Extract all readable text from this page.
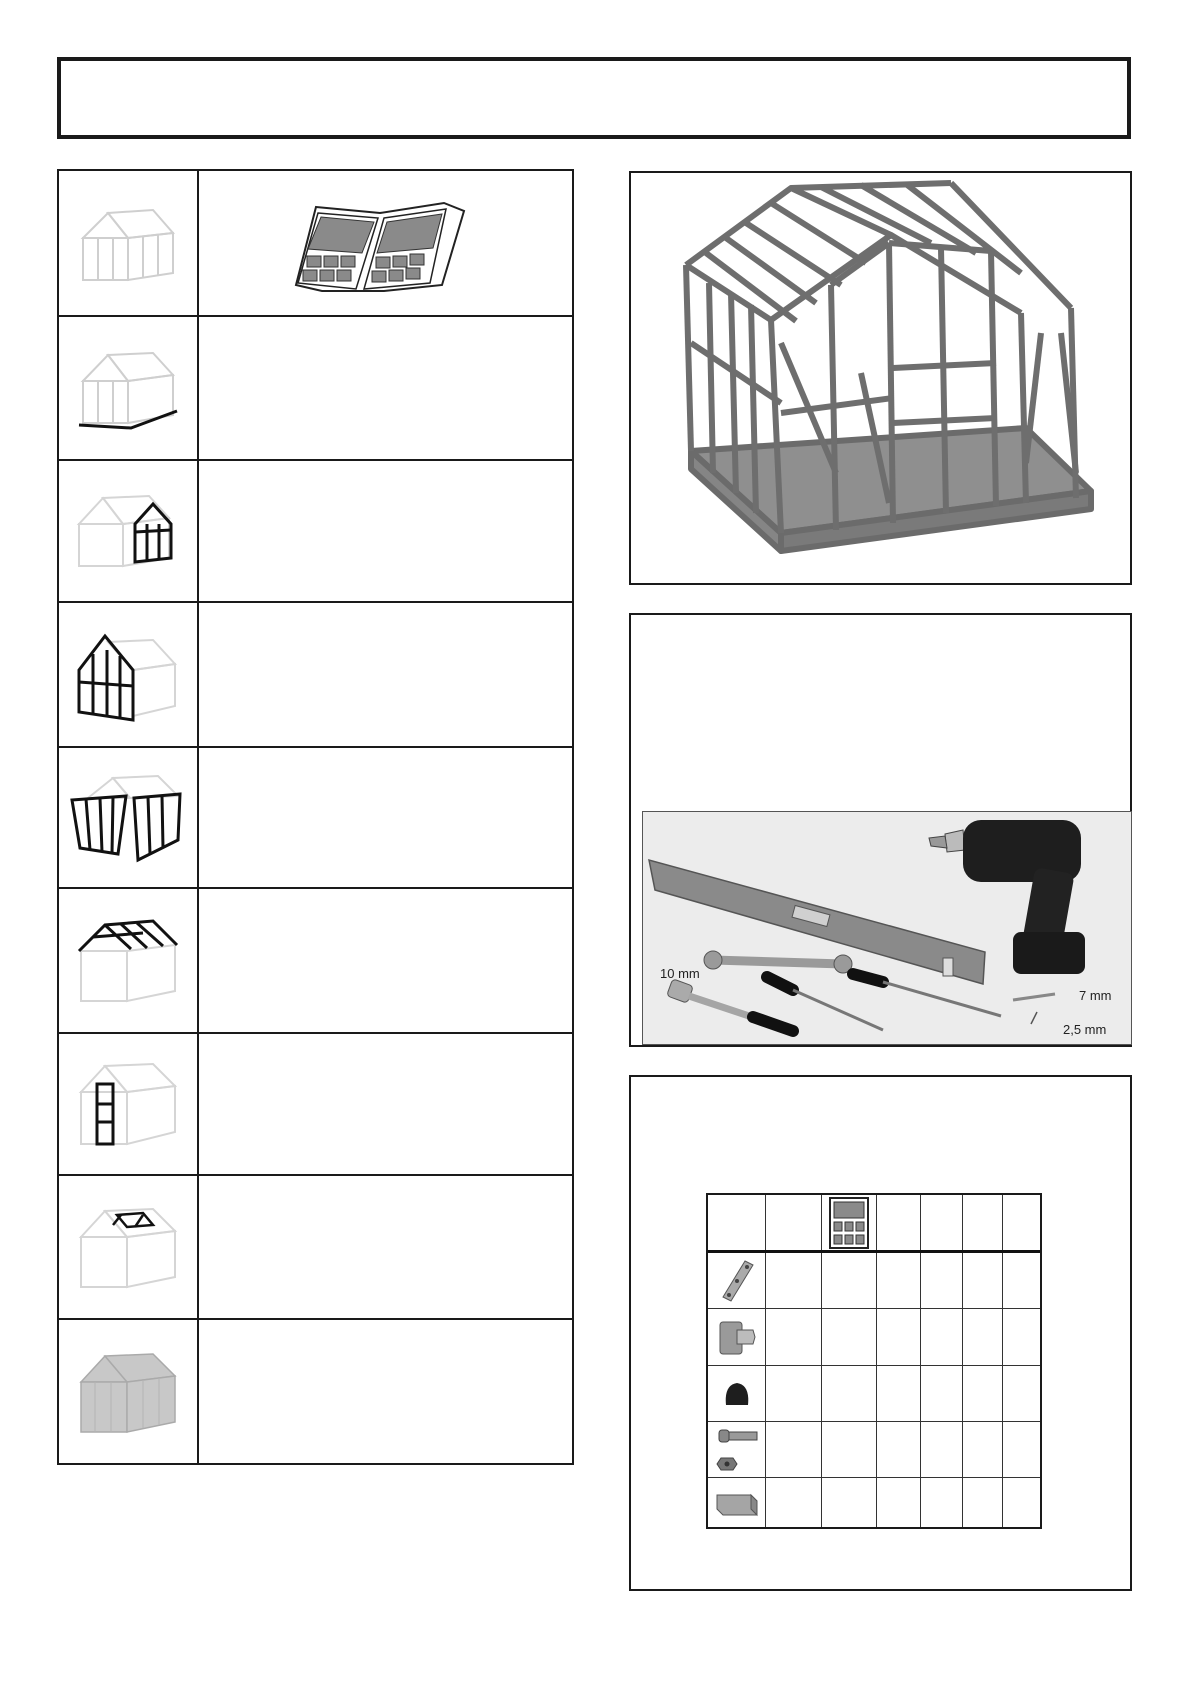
10 mm
7 mm
2,5 mm
